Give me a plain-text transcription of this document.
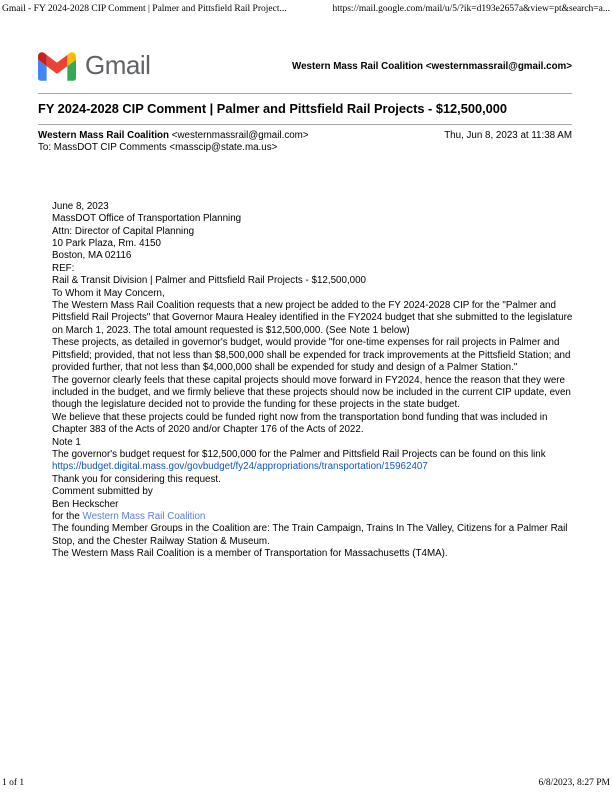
Gmail - FY 2024-2028 CIP Comment | Palmer and Pittsfield Rail Project...	https://mail.google.com/mail/u/5/?ik=d193e2657a&view=pt&search=a...
Gmail	Western Mass Rail Coalition <westernmassrail@gmail.com>
FY 2024-2028 CIP Comment | Palmer and Pittsfield Rail Projects - $12,500,000
Western Mass Rail Coalition <westernmassrail@gmail.com>	Thu, Jun 8, 2023 at 11:38 AM
To: MassDOT CIP Comments <masscip@state.ma.us>

June 8, 2023

MassDOT Office of Transportation Planning
Attn: Director of Capital Planning
10 Park Plaza, Rm. 4150
Boston, MA 02116

REF:
Rail & Transit Division | Palmer and Pittsfield Rail Projects - $12,500,000

To Whom it May Concern,

The Western Mass Rail Coalition requests that a new project be added to the FY 2024-2028 CIP for the "Palmer and Pittsfield Rail Projects" that Governor Maura Healey identified in the FY2024 budget that she submitted to the legislature on March 1, 2023. The total amount requested is $12,500,000. (See Note 1 below)

These projects, as detailed in governor's budget, would provide "for one-time expenses for rail projects in Palmer and Pittsfield; provided, that not less than $8,500,000 shall be expended for track improvements at the Pittsfield Station; and provided further, that not less than $4,000,000 shall be expended for study and design of a Palmer Station."

The governor clearly feels that these capital projects should move forward in FY2024, hence the reason that they were included in the budget, and we firmly believe that these projects should now be included in the current CIP update, even though the legislature decided not to provide the funding for these projects in the state budget.

We believe that these projects could be funded right now from the transportation bond funding that was included in Chapter 383 of the Acts of 2020 and/or Chapter 176 of the Acts of 2022.

Note 1
The governor's budget request for $12,500,000 for the Palmer and Pittsfield Rail Projects can be found on this link
https://budget.digital.mass.gov/govbudget/fy24/appropriations/transportation/15962407

Thank you for considering this request.

Comment submitted by

Ben Heckscher
for the Western Mass Rail Coalition

The founding Member Groups in the Coalition are: The Train Campaign, Trains In The Valley, Citizens for a Palmer Rail Stop, and the Chester Railway Station & Museum.

The Western Mass Rail Coalition is a member of Transportation for Massachusetts (T4MA).

1 of 1	6/8/2023, 8:27 PM
